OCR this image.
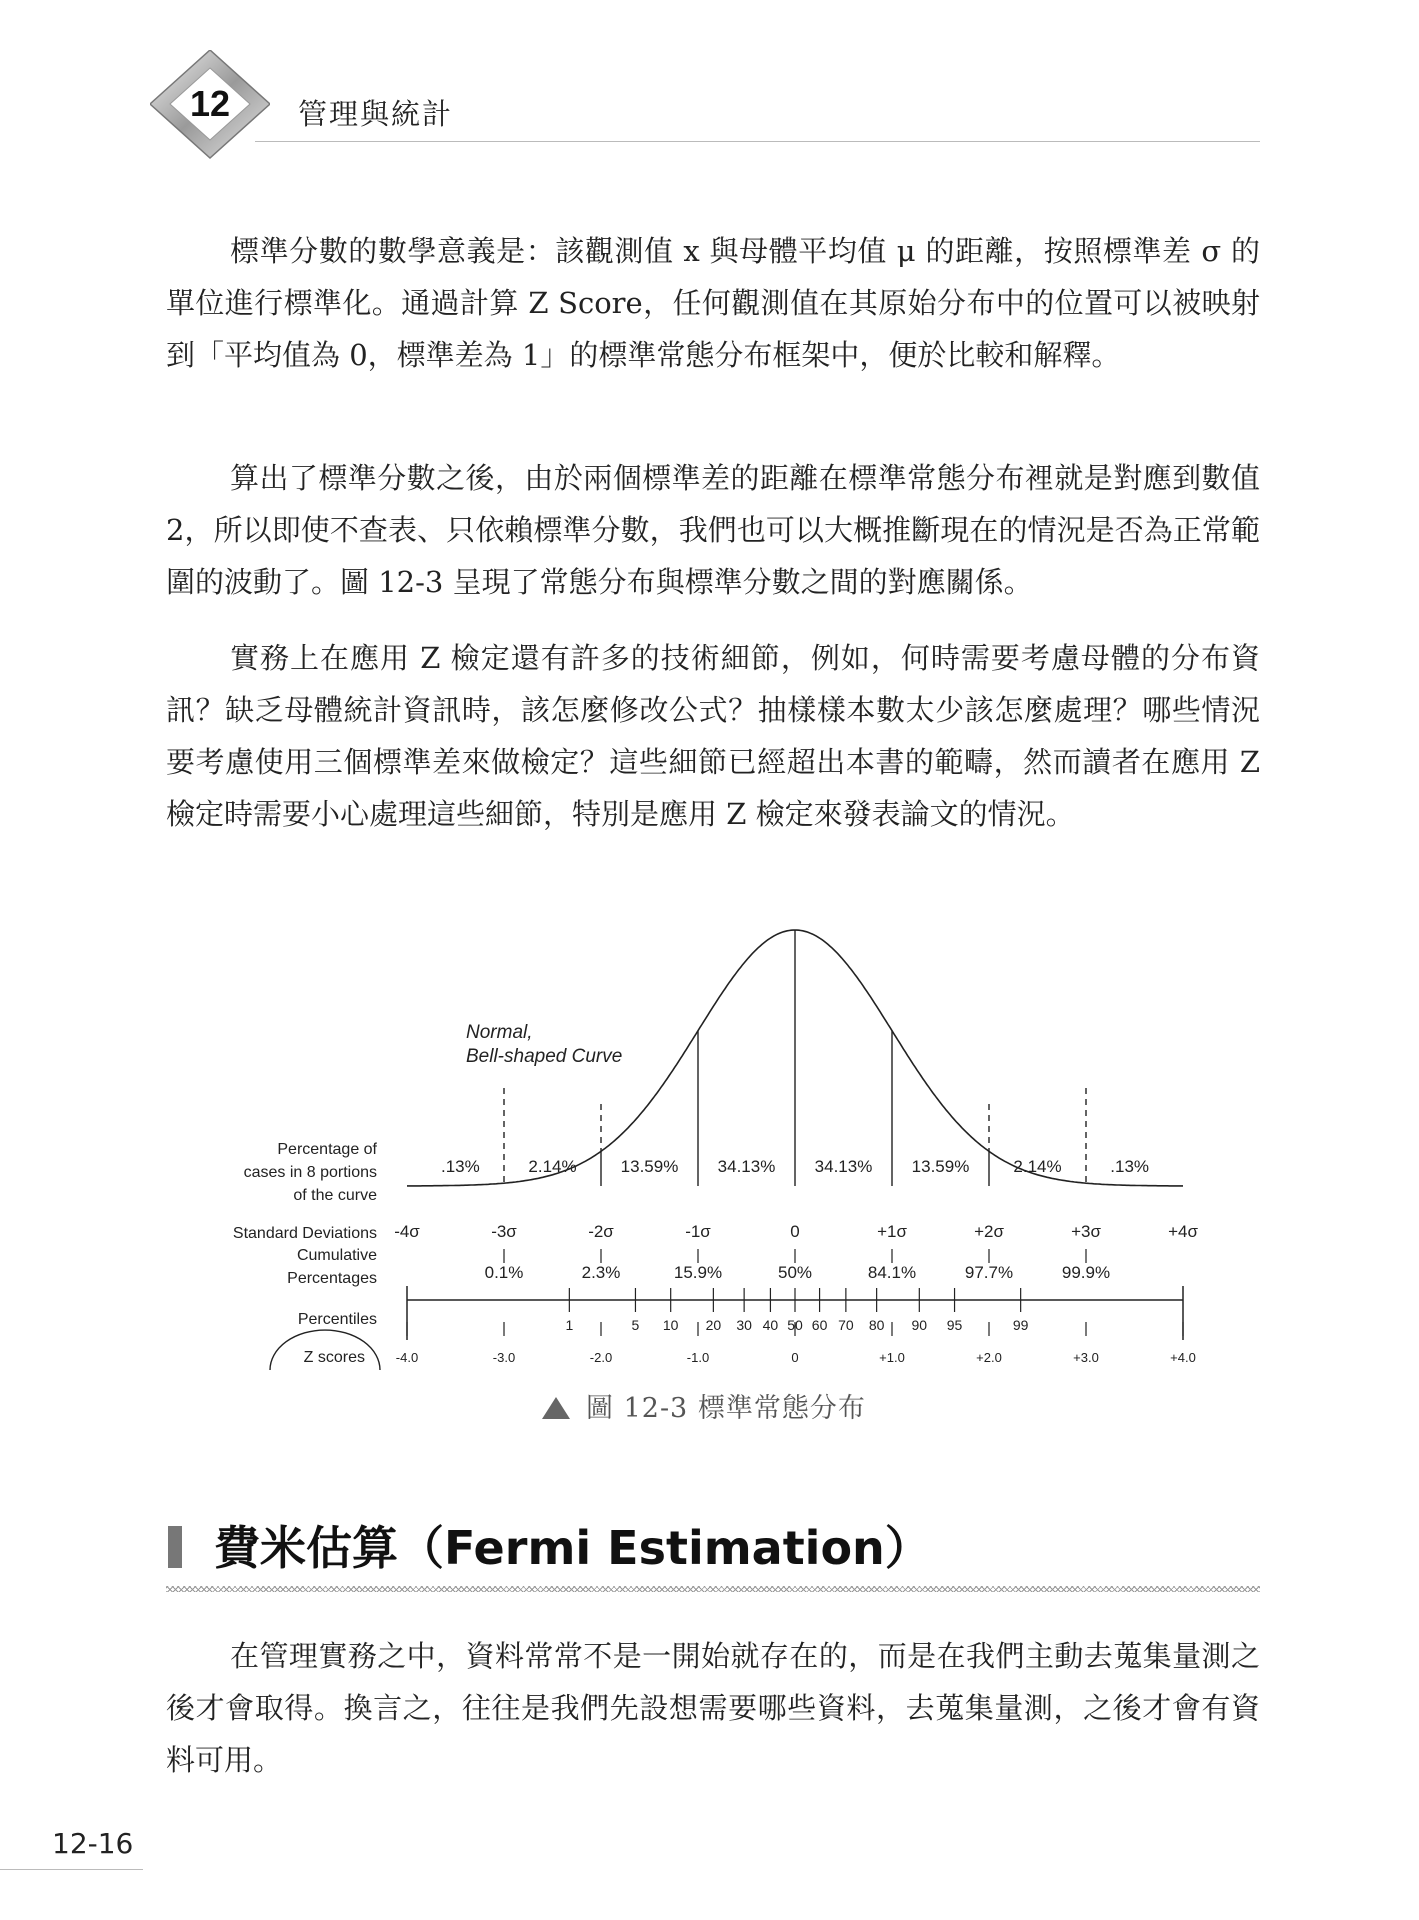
12 管理與統計

標準分數的數學意義是：該觀測值 x 與母體平均值 μ 的距離，按照標準差 σ 的單位進行標準化。通過計算 Z Score，任何觀測值在其原始分布中的位置可以被映射到「平均值為 0，標準差為 1」的標準常態分布框架中，便於比較和解釋。

算出了標準分數之後，由於兩個標準差的距離在標準常態分布裡就是對應到數值 2，所以即使不查表、只依賴標準分數，我們也可以大概推斷現在的情況是否為正常範圍的波動了。圖 12-3 呈現了常態分布與標準分數之間的對應關係。

實務上在應用 Z 檢定還有許多的技術細節，例如，何時需要考慮母體的分布資訊？缺乏母體統計資訊時，該怎麼修改公式？抽樣樣本數太少該怎麼處理？哪些情況要考慮使用三個標準差來做檢定？這些細節已經超出本書的範疇，然而讀者在應用 Z 檢定時需要小心處理這些細節，特別是應用 Z 檢定來發表論文的情況。

Normal,
Bell-shaped Curve
Percentage of
cases in 8 portions
of the curve
.13%	2.14%	13.59% 34.13% 34.13% 13.59%	2.14%	.13%
Standard Deviations -4σ	-3σ	-2σ	-1σ	0	+1σ	+2σ	+3σ	+4σ
Cumulative
Percentages	0.1%	2.3%	15.9%	50%	84.1%	97.7%	99.9%
Percentiles	1	5 10 20 30 40 50 60 70 80 90 95	99
Z scores -4.0	-3.0	-2.0	-1.0	0	+1.0	+2.0	+3.0	+4.0
圖 12-3 標準常態分布
費米估算（Fermi Estimation）

在管理實務之中，資料常常不是一開始就存在的，而是在我們主動去蒐集量測之後才會取得。換言之，往往是我們先設想需要哪些資料，去蒐集量測，之後才會有資料可用。

12-16
